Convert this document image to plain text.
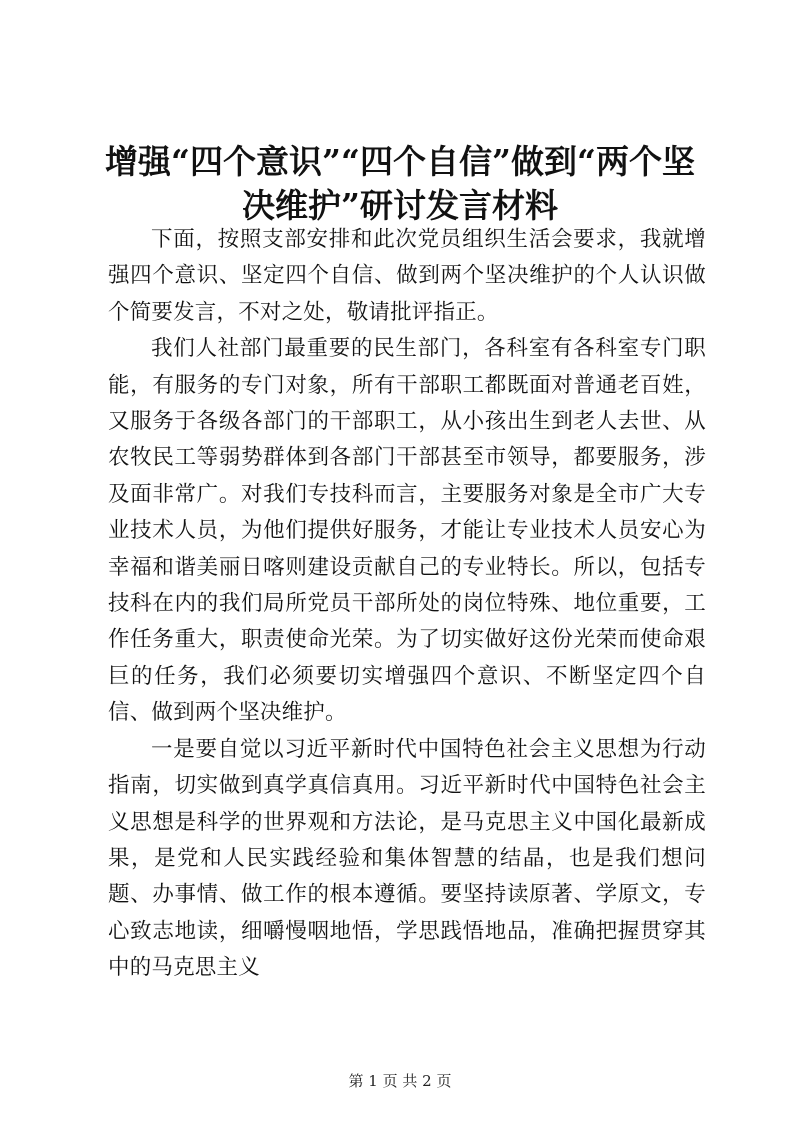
增强“四个意识”“四个自信”做到“两个坚决维护”研讨发言材料

下面，按照支部安排和此次党员组织生活会要求，我就增强四个意识、坚定四个自信、做到两个坚决维护的个人认识做个简要发言，不对之处，敬请批评指正。

我们人社部门最重要的民生部门，各科室有各科室专门职能，有服务的专门对象，所有干部职工都既面对普通老百姓，又服务于各级各部门的干部职工，从小孩出生到老人去世、从农牧民工等弱势群体到各部门干部甚至市领导，都要服务，涉及面非常广。对我们专技科而言，主要服务对象是全市广大专业技术人员，为他们提供好服务，才能让专业技术人员安心为幸福和谐美丽日喀则建设贡献自己的专业特长。所以，包括专技科在内的我们局所党员干部所处的岗位特殊、地位重要，工作任务重大，职责使命光荣。为了切实做好这份光荣而使命艰巨的任务，我们必须要切实增强四个意识、不断坚定四个自信、做到两个坚决维护。

一是要自觉以习近平新时代中国特色社会主义思想为行动指南，切实做到真学真信真用。习近平新时代中国特色社会主义思想是科学的世界观和方法论，是马克思主义中国化最新成果，是党和人民实践经验和集体智慧的结晶，也是我们想问题、办事情、做工作的根本遵循。要坚持读原著、学原文，专心致志地读，细嚼慢咽地悟，学思践悟地品，准确把握贯穿其中的马克思主义

第 1 页 共 2 页
